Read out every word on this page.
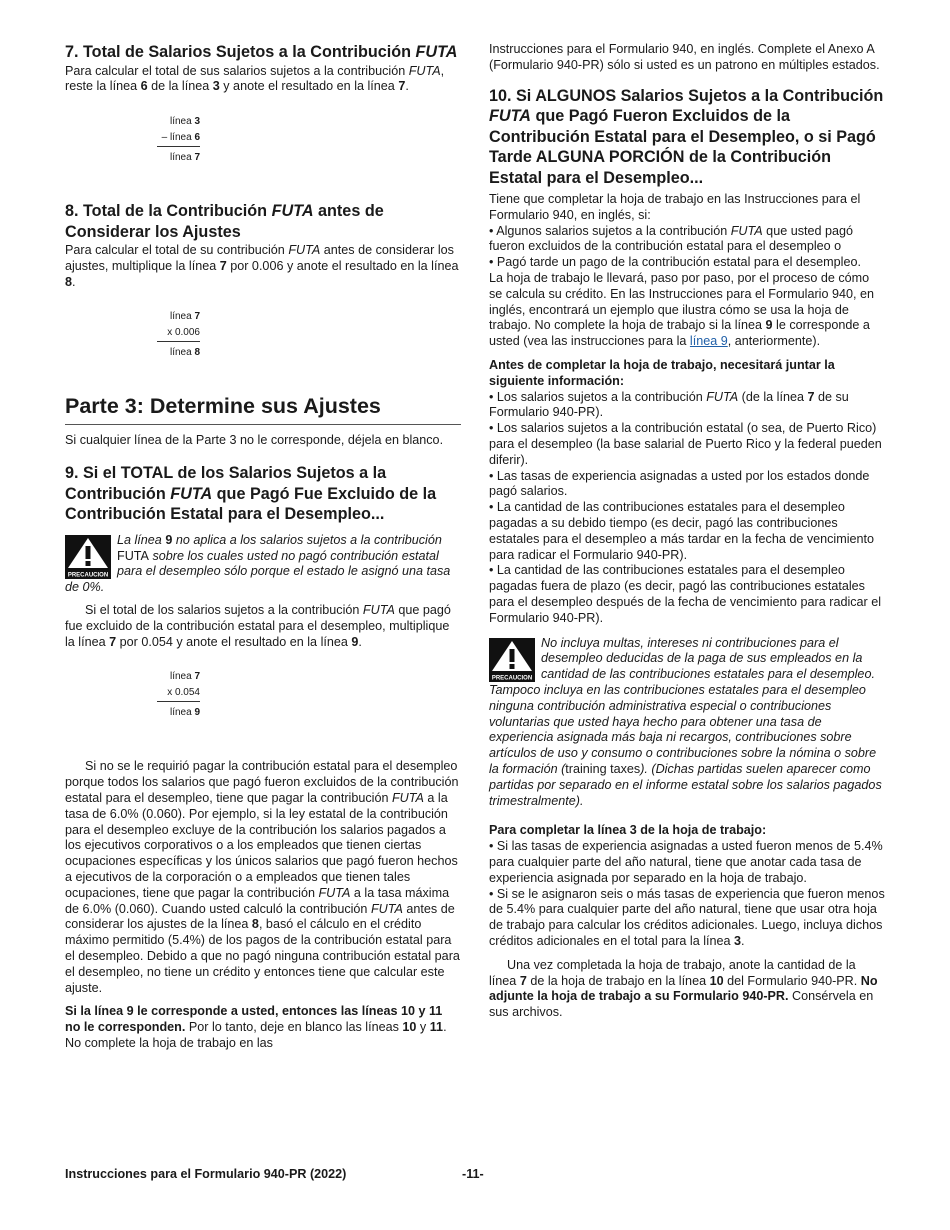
7. Total de Salarios Sujetos a la Contribución FUTA

Para calcular el total de sus salarios sujetos a la contribución FUTA, reste la línea 6 de la línea 3 y anote el resultado en la línea 7.

línea 3
– línea 6
línea 7
8. Total de la Contribución FUTA antes de Considerar los Ajustes

Para calcular el total de su contribución FUTA antes de considerar los ajustes, multiplique la línea 7 por 0.006 y anote el resultado en la línea 8.

línea 7
x 0.006
línea 8
Parte 3: Determine sus Ajustes

Si cualquier línea de la Parte 3 no le corresponde, déjela en blanco.

9. Si el TOTAL de los Salarios Sujetos a la Contribución FUTA que Pagó Fue Excluido de la Contribución Estatal para el Desempleo...
PRECAUCION
La línea 9 no aplica a los salarios sujetos a la contribución FUTA sobre los cuales usted no pagó contribución estatal para el desempleo sólo porque el estado le asignó una tasa de 0%.

Si el total de los salarios sujetos a la contribución FUTA que pagó fue excluido de la contribución estatal para el desempleo, multiplique la línea 7 por 0.054 y anote el resultado en la línea 9.

línea 7
x 0.054
línea 9

Si no se le requirió pagar la contribución estatal para el desempleo porque todos los salarios que pagó fueron excluidos de la contribución estatal para el desempleo, tiene que pagar la contribución FUTA a la tasa de 6.0% (0.060). Por ejemplo, si la ley estatal de la contribución para el desempleo excluye de la contribución los salarios pagados a los ejecutivos corporativos o a los empleados que tienen ciertas ocupaciones específicas y los únicos salarios que pagó fueron hechos a ejecutivos de la corporación o a empleados que tienen tales ocupaciones, tiene que pagar la contribución FUTA a la tasa máxima de 6.0% (0.060). Cuando usted calculó la contribución FUTA antes de considerar los ajustes de la línea 8, basó el cálculo en el crédito máximo permitido (5.4%) de los pagos de la contribución estatal para el desempleo. Debido a que no pagó ninguna contribución estatal para el desempleo, no tiene un crédito y entonces tiene que calcular este ajuste.

Si la línea 9 le corresponde a usted, entonces las líneas 10 y 11 no le corresponden. Por lo tanto, deje en blanco las líneas 10 y 11. No complete la hoja de trabajo en las

Instrucciones para el Formulario 940, en inglés. Complete el Anexo A (Formulario 940-PR) sólo si usted es un patrono en múltiples estados.

10. Si ALGUNOS Salarios Sujetos a la Contribución FUTA que Pagó Fueron Excluidos de la Contribución Estatal para el Desempleo, o si Pagó Tarde ALGUNA PORCIÓN de la Contribución Estatal para el Desempleo...

Tiene que completar la hoja de trabajo en las Instrucciones para el Formulario 940, en inglés, si:

• Algunos salarios sujetos a la contribución FUTA que usted pagó fueron excluidos de la contribución estatal para el desempleo o

• Pagó tarde un pago de la contribución estatal para el desempleo.

La hoja de trabajo le llevará, paso por paso, por el proceso de cómo se calcula su crédito. En las Instrucciones para el Formulario 940, en inglés, encontrará un ejemplo que ilustra cómo se usa la hoja de trabajo. No complete la hoja de trabajo si la línea 9 le corresponde a usted (vea las instrucciones para la línea 9, anteriormente).

Antes de completar la hoja de trabajo, necesitará juntar la siguiente información:

• Los salarios sujetos a la contribución FUTA (de la línea 7 de su Formulario 940-PR).

• Los salarios sujetos a la contribución estatal (o sea, de Puerto Rico) para el desempleo (la base salarial de Puerto Rico y la federal pueden diferir).

• Las tasas de experiencia asignadas a usted por los estados donde pagó salarios.

• La cantidad de las contribuciones estatales para el desempleo pagadas a su debido tiempo (es decir, pagó las contribuciones estatales para el desempleo a más tardar en la fecha de vencimiento para radicar el Formulario 940-PR).

• La cantidad de las contribuciones estatales para el desempleo pagadas fuera de plazo (es decir, pagó las contribuciones estatales para el desempleo después de la fecha de vencimiento para radicar el Formulario 940-PR).

PRECAUCION
No incluya multas, intereses ni contribuciones para el desempleo deducidas de la paga de sus empleados en la cantidad de las contribuciones estatales para el desempleo. Tampoco incluya en las contribuciones estatales para el desempleo ninguna contribución administrativa especial o contribuciones voluntarias que usted haya hecho para obtener una tasa de experiencia asignada más baja ni recargos, contribuciones sobre artículos de uso y consumo o contribuciones sobre la nómina o sobre la formación (training taxes). (Dichas partidas suelen aparecer como partidas por separado en el informe estatal sobre los salarios pagados trimestralmente).

Para completar la línea 3 de la hoja de trabajo:

• Si las tasas de experiencia asignadas a usted fueron menos de 5.4% para cualquier parte del año natural, tiene que anotar cada tasa de experiencia asignada por separado en la hoja de trabajo.

• Si se le asignaron seis o más tasas de experiencia que fueron menos de 5.4% para cualquier parte del año natural, tiene que usar otra hoja de trabajo para calcular los créditos adicionales. Luego, incluya dichos créditos adicionales en el total para la línea 3.

Una vez completada la hoja de trabajo, anote la cantidad de la línea 7 de la hoja de trabajo en la línea 10 del Formulario 940-PR. No adjunte la hoja de trabajo a su Formulario 940-PR. Consérvela en sus archivos.

Instrucciones para el Formulario 940-PR (2022)	-11-
